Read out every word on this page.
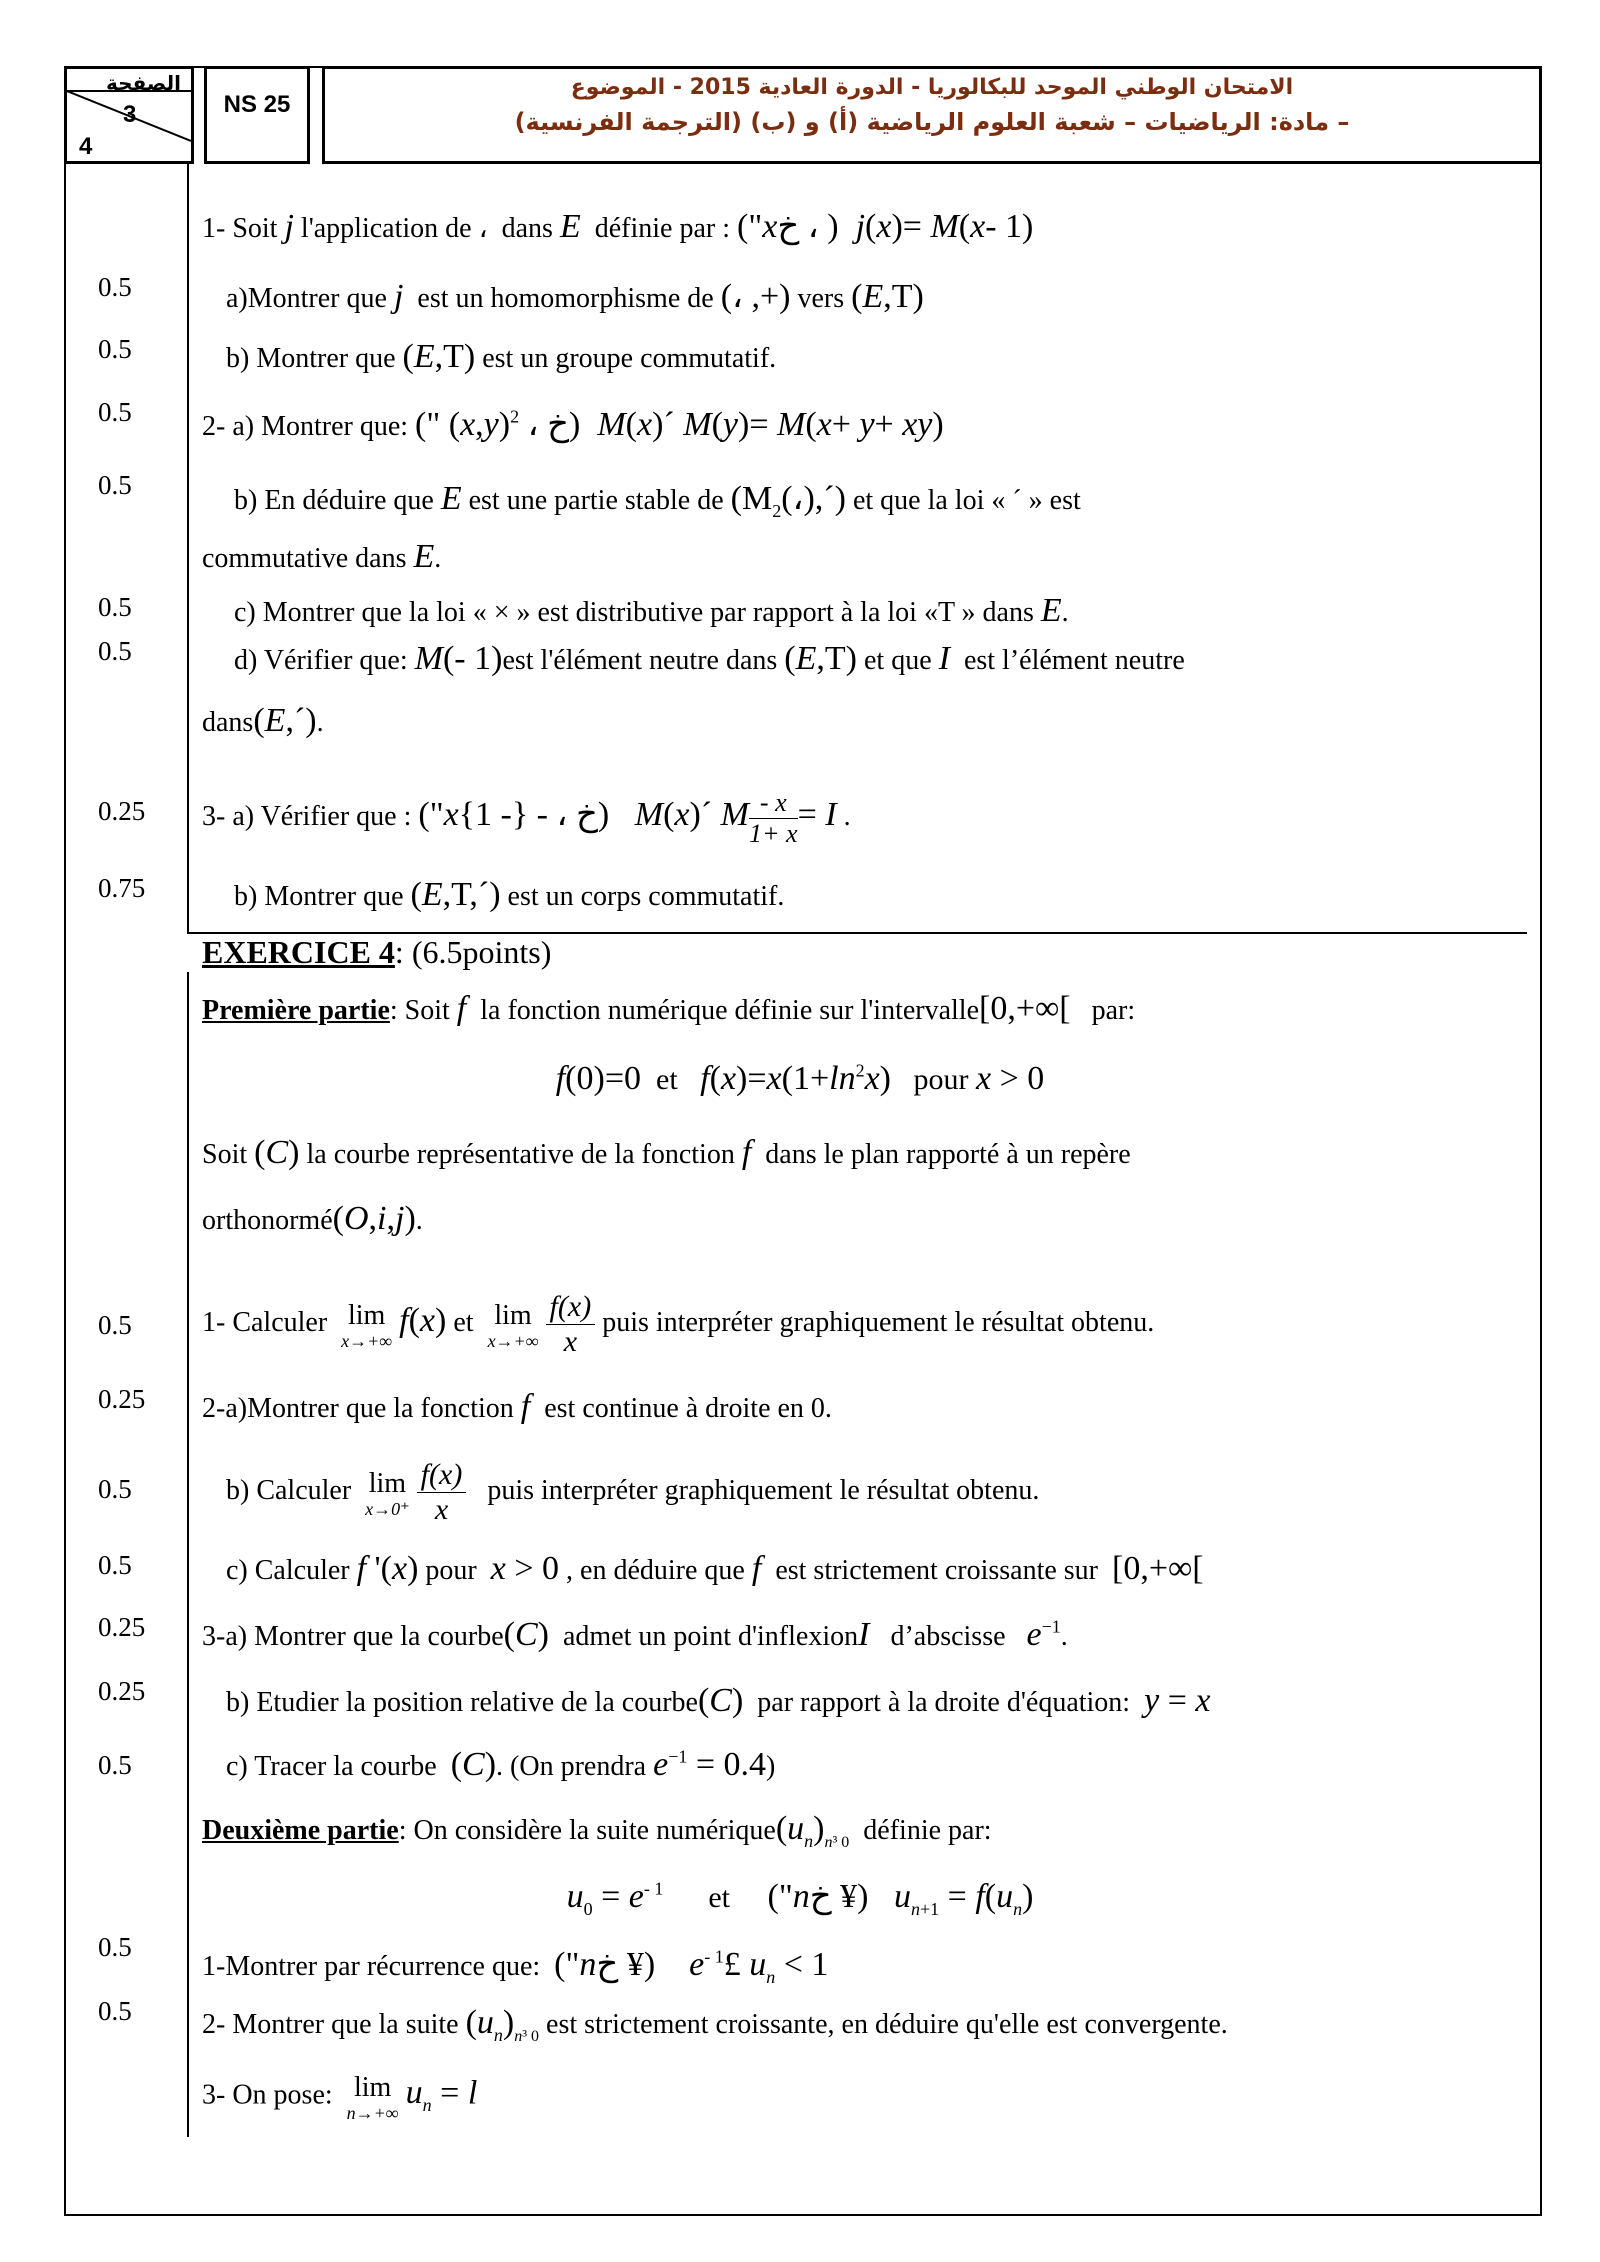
الصفحة
3
4
NS 25
الامتحان الوطني الموحد للبكالوريا - الدورة العادية 2015 - الموضوع
– مادة: الرياضيات – شعبة العلوم الرياضية (أ) و (ب) (الترجمة الفرنسية)
0.5
0.5
0.5
0.5
0.5
0.5
0.25
0.75
0.5
0.25
0.5
0.5
0.25
0.25
0.5
0.5
0.5
1- Soit j l'application de ،  dans E définie par : ("xخ ، )  j(x)= M(x- 1)
a)Montrer que j est un homomorphisme de (، ,+) vers (E,T)
b) Montrer que (E,T) est un groupe commutatif.
2- a) Montrer que: (" (x,y)خ ، $^2$ )  M(x)´ M(y)= M(x+ y+ xy)
b) En déduire que E est une partie stable de $(M_2(،),´)$ et que la loi « ´ » est
commutative dans E.
c) Montrer que la loi « × » est distributive par rapport à la loi «T » dans E.
d) Vérifier que: M(- 1)est l'élément neutre dans (E,T) et que I est l’élément neutre
dans(E,´).
3- a) Vérifier que : ("xخ ، - {- 1})   M(x)´ M $\frac{- x}{1+ x} = I$ .
b) Montrer que (E,T,´) est un corps commutatif.
EXERCICE 4: (6.5points)
Première partie: Soit f la fonction numérique définie sur l'intervalle[0,+∞[ par:
f(0)=0 et $f(x)=x(1+\ln^2x)$ pour x > 0
Soit (C) la courbe représentative de la fonction f dans le plan rapporté à un repère
orthonormé(O,i,j).
1- Calculer lim
x→+∞
f(x) et lim
x→+∞
$\frac{f(x)}{x}$ puis interpréter graphiquement le résultat obtenu.
2-a)Montrer que la fonction f est continue à droite en 0.
b) Calculer lim
x→0⁺
$\frac{f(x)}{x}$ puis interpréter graphiquement le résultat obtenu.
c) Calculer f '(x) pour x > 0 , en déduire que f est strictement croissante sur [0,+∞[
3-a) Montrer que la courbe(C) admet un point d'inflexionI d’abscisse $e^{-1}$.
b) Etudier la position relative de la courbe(C) par rapport à la droite d'équation: y = x
c) Tracer la courbe (C). (On prendra $e^{-1} = 0.4$)
Deuxième partie: On considère la suite $numérique(u_n)_{n^3 0}$ définie par:
$u_0 = e^{- 1}$ et ("nخ ¥)   $u_{n+1} = f(u_n)$
1-Montrer par récurrence que: ("nخ ¥)    $e^{- 1}£$ $u_n < 1$
2- Montrer que la suite $(u_n)_{n^3 0}$ est strictement croissante, en déduire qu'elle est convergente.
3- On pose: lim
n→+∞
$u_n = l$
